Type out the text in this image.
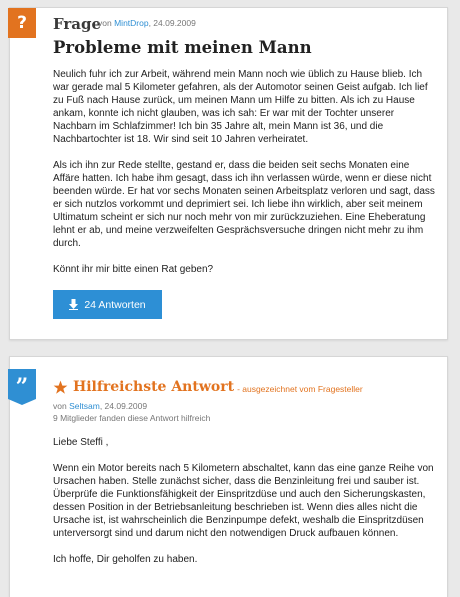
?	Frage
von MintDrop, 24.09.2009
Probleme mit meinen Mann

Neulich fuhr ich zur Arbeit, während mein Mann noch wie üblich zu Hause blieb. Ich war gerade mal 5 Kilometer gefahren, als der Automotor seinen Geist aufgab. Ich lief zu Fuß nach Hause zurück, um meinen Mann um Hilfe zu bitten. Als ich zu Hause ankam, konnte ich nicht glauben, was ich sah: Er war mit der Tochter unserer Nachbarn im Schlafzimmer! Ich bin 35 Jahre alt, mein Mann ist 36, und die Nachbartochter ist 18. Wir sind seit 10 Jahren verheiratet.

Als ich ihn zur Rede stellte, gestand er, dass die beiden seit sechs Monaten eine Affäre hatten. Ich habe ihm gesagt, dass ich ihn verlassen würde, wenn er diese nicht beenden würde. Er hat vor sechs Monaten seinen Arbeitsplatz verloren und sagt, dass er sich nutzlos vorkommt und deprimiert sei. Ich liebe ihn wirklich, aber seit meinem Ultimatum scheint er sich nur noch mehr von mir zurückzuziehen. Eine Eheberatung lehnt er ab, und meine verzweifelten Gesprächsversuche dringen nicht mehr zu ihm durch.

Könnt ihr mir bitte einen Rat geben?

24 Antworten
”	Hilfreichste Antwort - ausgezeichnet vom Fragesteller
von Seltsam, 24.09.2009
9 Mitglieder fanden diese Antwort hilfreich

Liebe Steffi ,

Wenn ein Motor bereits nach 5 Kilometern abschaltet, kann das eine ganze Reihe von Ursachen haben. Stelle zunächst sicher, dass die Benzinleitung frei und sauber ist. Überprüfe die Funktionsfähigkeit der Einspritzdüse und auch den Sicherungskasten, dessen Position in der Betriebsanleitung beschrieben ist. Wenn dies alles nicht die Ursache ist, ist wahrscheinlich die Benzinpumpe defekt, weshalb die Einspritzdüsen unterversorgt sind und darum nicht den notwendigen Druck aufbauen können.

Ich hoffe, Dir geholfen zu haben.
